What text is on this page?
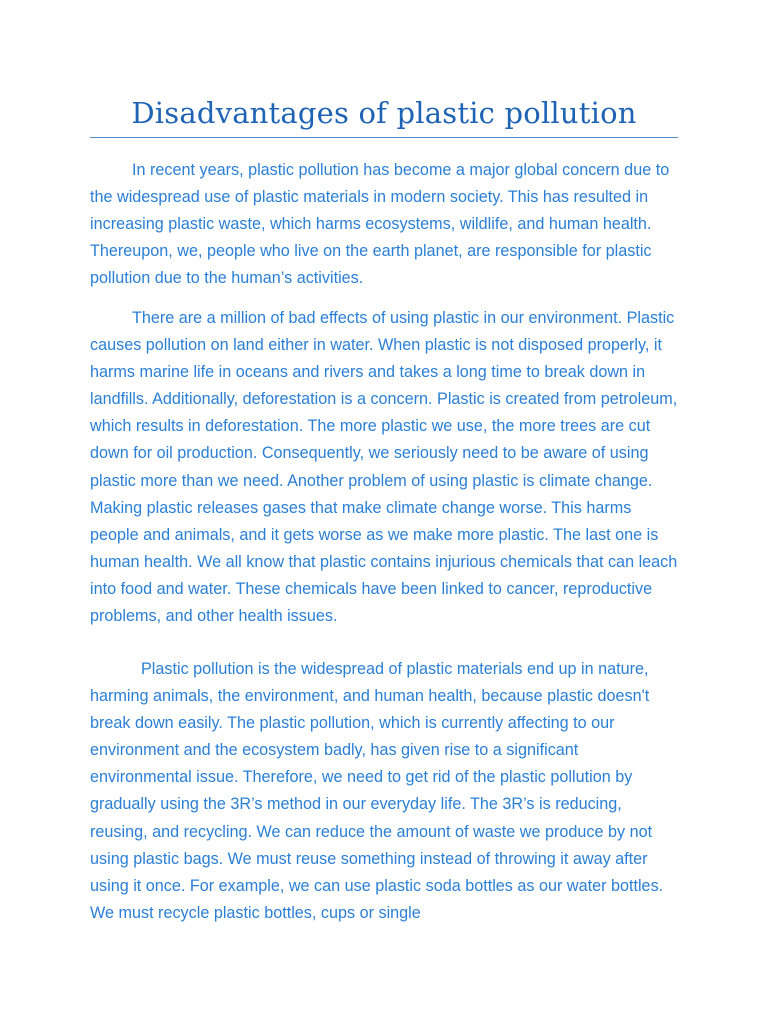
Disadvantages of plastic pollution

In recent years, plastic pollution has become a major global concern due to the widespread use of plastic materials in modern society. This has resulted in increasing plastic waste, which harms ecosystems, wildlife, and human health. Thereupon, we, people who live on the earth planet, are responsible for plastic pollution due to the human’s activities.

There are a million of bad effects of using plastic in our environment. Plastic causes pollution on land either in water. When plastic is not disposed properly, it harms marine life in oceans and rivers and takes a long time to break down in landfills. Additionally, deforestation is a concern. Plastic is created from petroleum, which results in deforestation. The more plastic we use, the more trees are cut down for oil production. Consequently, we seriously need to be aware of using plastic more than we need. Another problem of using plastic is climate change. Making plastic releases gases that make climate change worse. This harms people and animals, and it gets worse as we make more plastic. The last one is human health. We all know that plastic contains injurious chemicals that can leach into food and water. These chemicals have been linked to cancer, reproductive problems, and other health issues.

Plastic pollution is the widespread of plastic materials end up in nature, harming animals, the environment, and human health, because plastic doesn't break down easily. The plastic pollution, which is currently affecting to our environment and the ecosystem badly, has given rise to a significant environmental issue. Therefore, we need to get rid of the plastic pollution by gradually using the 3R’s method in our everyday life. The 3R’s is reducing, reusing, and recycling. We can reduce the amount of waste we produce by not using plastic bags. We must reuse something instead of throwing it away after using it once. For example, we can use plastic soda bottles as our water bottles. We must recycle plastic bottles, cups or single
